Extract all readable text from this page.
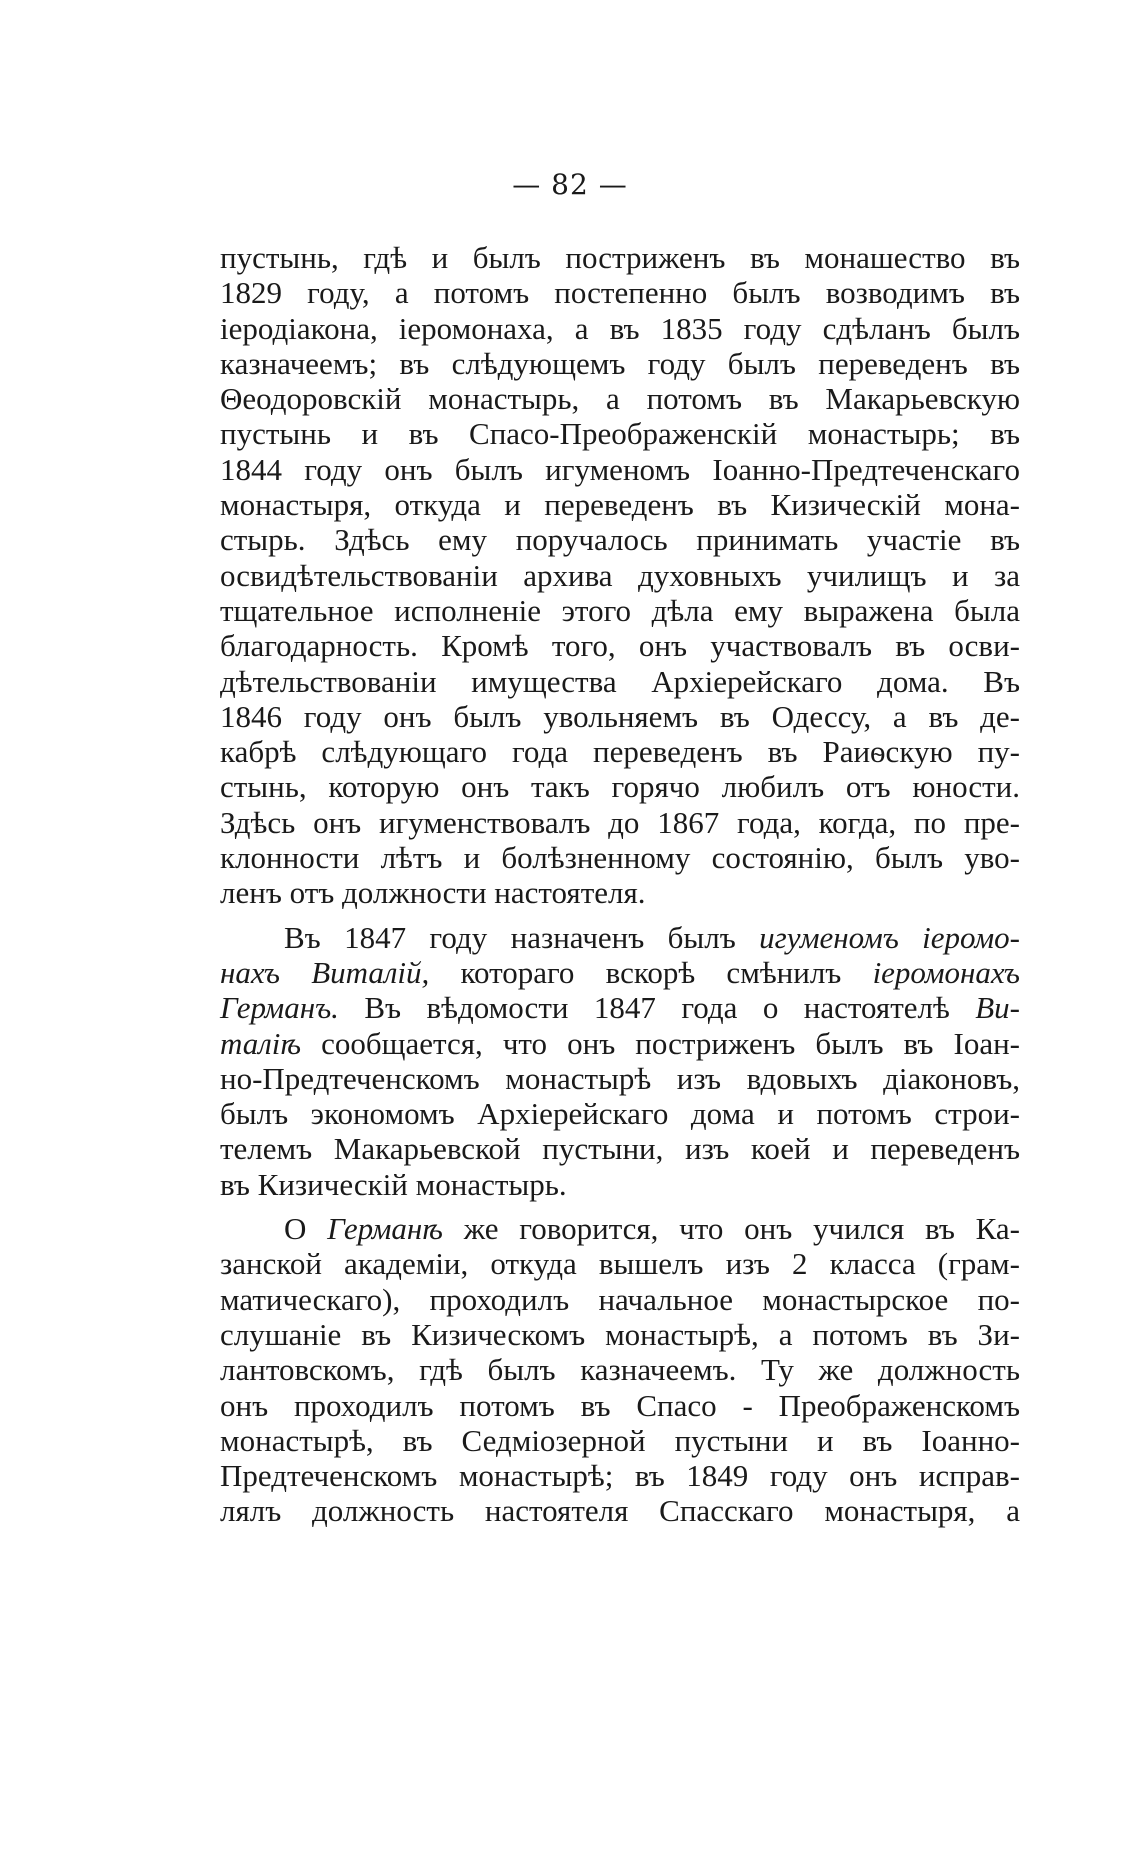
— 82 —
пустынь, гдѣ и былъ постриженъ въ монашество въ
1829 году, а потомъ постепенно былъ возводимъ въ
іеродіакона, іеромонаха, а въ 1835 году сдѣланъ былъ
казначеемъ; въ слѣдующемъ году былъ переведенъ въ
Θеодоровскій монастырь, а потомъ въ Макарьевскую
пустынь и въ Спасо-Преображенскій монастырь; въ
1844 году онъ былъ игуменомъ Іоанно-Предтеченскаго
монастыря, откуда и переведенъ въ Кизическій мона-
стырь. Здѣсь ему поручалось принимать участіе въ
освидѣтельствованіи архива духовныхъ училищъ и за
тщательное исполненіе этого дѣла ему выражена была
благодарность. Кромѣ того, онъ участвовалъ въ осви-
дѣтельствованіи имущества Архіерейскаго дома. Въ
1846 году онъ былъ увольняемъ въ Одессу, а въ де-
кабрѣ слѣдующаго года переведенъ въ Раиѳскую пу-
стынь, которую онъ такъ горячо любилъ отъ юности.
Здѣсь онъ игуменствовалъ до 1867 года, когда, по пре-
клонности лѣтъ и болѣзненному состоянію, былъ уво-
ленъ отъ должности настоятеля.
Въ 1847 году назначенъ былъ игуменомъ іеромо-
нахъ Виталій, котораго вскорѣ смѣнилъ іеромонахъ
Германъ. Въ вѣдомости 1847 года о настоятелѣ Ви-
таліѣ сообщается, что онъ постриженъ былъ въ Іоан-
но-Предтеченскомъ монастырѣ изъ вдовыхъ діаконовъ,
былъ экономомъ Архіерейскаго дома и потомъ строи-
телемъ Макарьевской пустыни, изъ коей и переведенъ
въ Кизическій монастырь.
О Германѣ же говорится, что онъ учился въ Ка-
занской академіи, откуда вышелъ изъ 2 класса (грам-
матическаго), проходилъ начальное монастырское по-
слушаніе въ Кизическомъ монастырѣ, а потомъ въ Зи-
лантовскомъ, гдѣ былъ казначеемъ. Ту же должность
онъ проходилъ потомъ въ Спасо - Преображенскомъ
монастырѣ, въ Седміозерной пустыни и въ Іоанно-
Предтеченскомъ монастырѣ; въ 1849 году онъ исправ-
лялъ должность настоятеля Спасскаго монастыря, а
